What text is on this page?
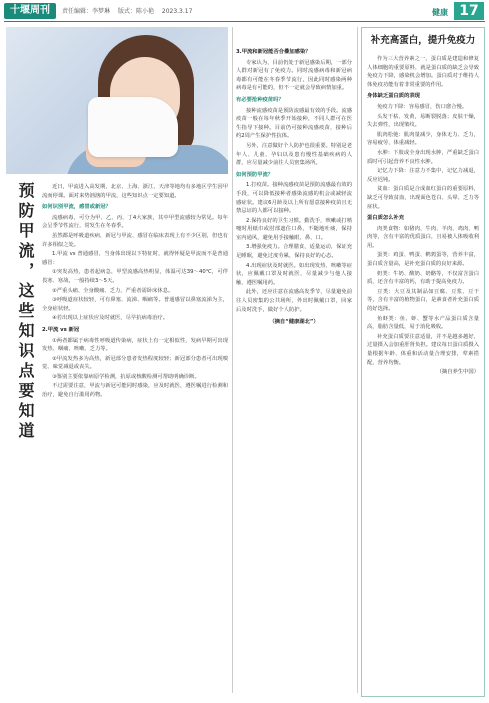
十堰周刊	责任编辑：李梦琳 版式：陈小艳 2023.3.17	健康 17
预防甲流，这些知识点要知道	近日，甲流进入高发期，北京、上海、浙江、天津等地均有多地区学生因甲流而停课。面对来势汹汹的甲流，这些知识点一定要知道。

如何识别甲流，感冒或新冠？

流感病毒，可分为甲、乙、丙、丁4大家族，其中甲型流感较为常见。每年会呈季节性流行，常发生在冬春季。

虽然都是呼吸道疾病，新冠与甲流、感冒在临床表现上有不少区别，但也有许多相似之处。

1.甲流 vs 普通感冒，当身体出现以下特征时，就得怀疑是甲流而不是普通感冒：

①突发高热，患者起病急，甲型流感高热明显，体温可达39～40℃，可伴畏寒、寒战，一般持续3～5天。

②严重头痛、全身酸痛、乏力，严重者需卧床休息。

③呼吸道症状较轻，可有鼻塞、流涕、咽痛等。普通感冒以鼻塞流涕为主，全身症状轻。

④若出现以上症状应及时就医，尽早抗病毒治疗。

2.甲流 vs 新冠

①两者都属于病毒性呼吸道传染病，症状上有一定相似性，发病早期可出现发热、咽痛、咳嗽、乏力等。

②甲流发热多为高热，新冠部分患者发热程度较轻；新冠部分患者可出现嗅觉、味觉减退或丧失。

③鉴别主要依靠病原学检测，抗原或核酸检测可帮助明确诊断。

不过需要注意，甲流与新冠可能同时感染，应及时就医，遵医嘱进行检测和治疗，避免自行滥用药物。

3.甲流和新冠能否合叠加感染？

专家认为，目前仍处于新冠感染后期，一部分人群对新冠有了免疫力。同时流感病毒和新冠病毒都有可能在冬春季节流行，因此同时感染两种病毒是有可能的，但不一定就会导致病情加重。

有必要抢种疫苗吗？

接种流感疫苗是预防流感最有效的手段。流感疫苗一般在每年秋季开始接种，不同人群可在医生指导下接种。目前仍可接种流感疫苗，接种后约2周产生保护性抗体。

另外，注意做好个人防护也很重要。特别是老年人、儿童、孕妇以及患有慢性基础疾病的人群，应尽量减少前往人员密集场所。

如何预防甲流？

1.打疫苗。接种流感疫苗是预防流感最有效的手段，可以降低接种者感染流感的机会或减轻流感症状。建议6月龄及以上所有愿意接种疫苗且无禁忌证的人都可以接种。

2.保持良好的卫生习惯。勤洗手，咳嗽或打喷嚏时用纸巾或肘部遮住口鼻，不随地吐痰，保持室内通风，避免用手接触眼、鼻、口。

3.增强免疫力。合理膳食，适量运动，保证充足睡眠，避免过度劳累，保持良好的心态。

4.出现症状及时就医。如出现发热、咳嗽等症状，应佩戴口罩及时就医，尽量减少与他人接触，遵医嘱用药。

此外，还应注意在流感高发季节，尽量避免前往人员密集的公共场所，外出时佩戴口罩，回家后及时洗手，做好个人防护。

（摘自“健康湖北”）

补充高蛋白，提升免疫力

作为三大营养素之一，蛋白质是建造和修复人体细胞的重要原料，就是蛋白质的缺乏会导致免疫力下降，感染机会增加。蛋白质对于维持人体免疫功能有着非常重要的作用。

身体缺乏蛋白质的表现

免疫力下降：容易感冒，伤口愈合慢。

头发干枯、发黄，易断裂脱落；皮肤干燥，失去弹性，出现皱纹。

肌肉松弛：肌肉量减少，身体无力、乏力，容易疲劳，体重减轻。

水肿：下肢或全身出现水肿，严重缺乏蛋白质时可引起营养不良性水肿。

记忆力下降：注意力不集中，记忆力减退，反应迟钝。

贫血：蛋白质是合成血红蛋白的重要原料，缺乏可导致贫血，出现面色苍白、头晕、乏力等症状。

蛋白质怎么补充

肉类食物：如猪肉、牛肉、羊肉、鸡肉、鸭肉等，含有丰富的优质蛋白，且易被人体吸收利用。

蛋类：鸡蛋、鸭蛋、鹌鹑蛋等，营养丰富，蛋白质含量高，是补充蛋白质的良好来源。

奶类：牛奶、酸奶、奶酪等，不仅富含蛋白质，还含有丰富的钙，有助于提高免疫力。

豆类：大豆及其制品如豆腐、豆浆、豆干等，含有丰富的植物蛋白，是素食者补充蛋白质的好选择。

鱼虾类：鱼、虾、蟹等水产品蛋白质含量高，脂肪含量低，易于消化吸收。

补充蛋白质要注意适量，并不是越多越好，过量摄入会加重肝肾负担。建议每日蛋白质摄入量根据年龄、体重和活动量合理安排，荤素搭配，营养均衡。

（摘自养生中国）
